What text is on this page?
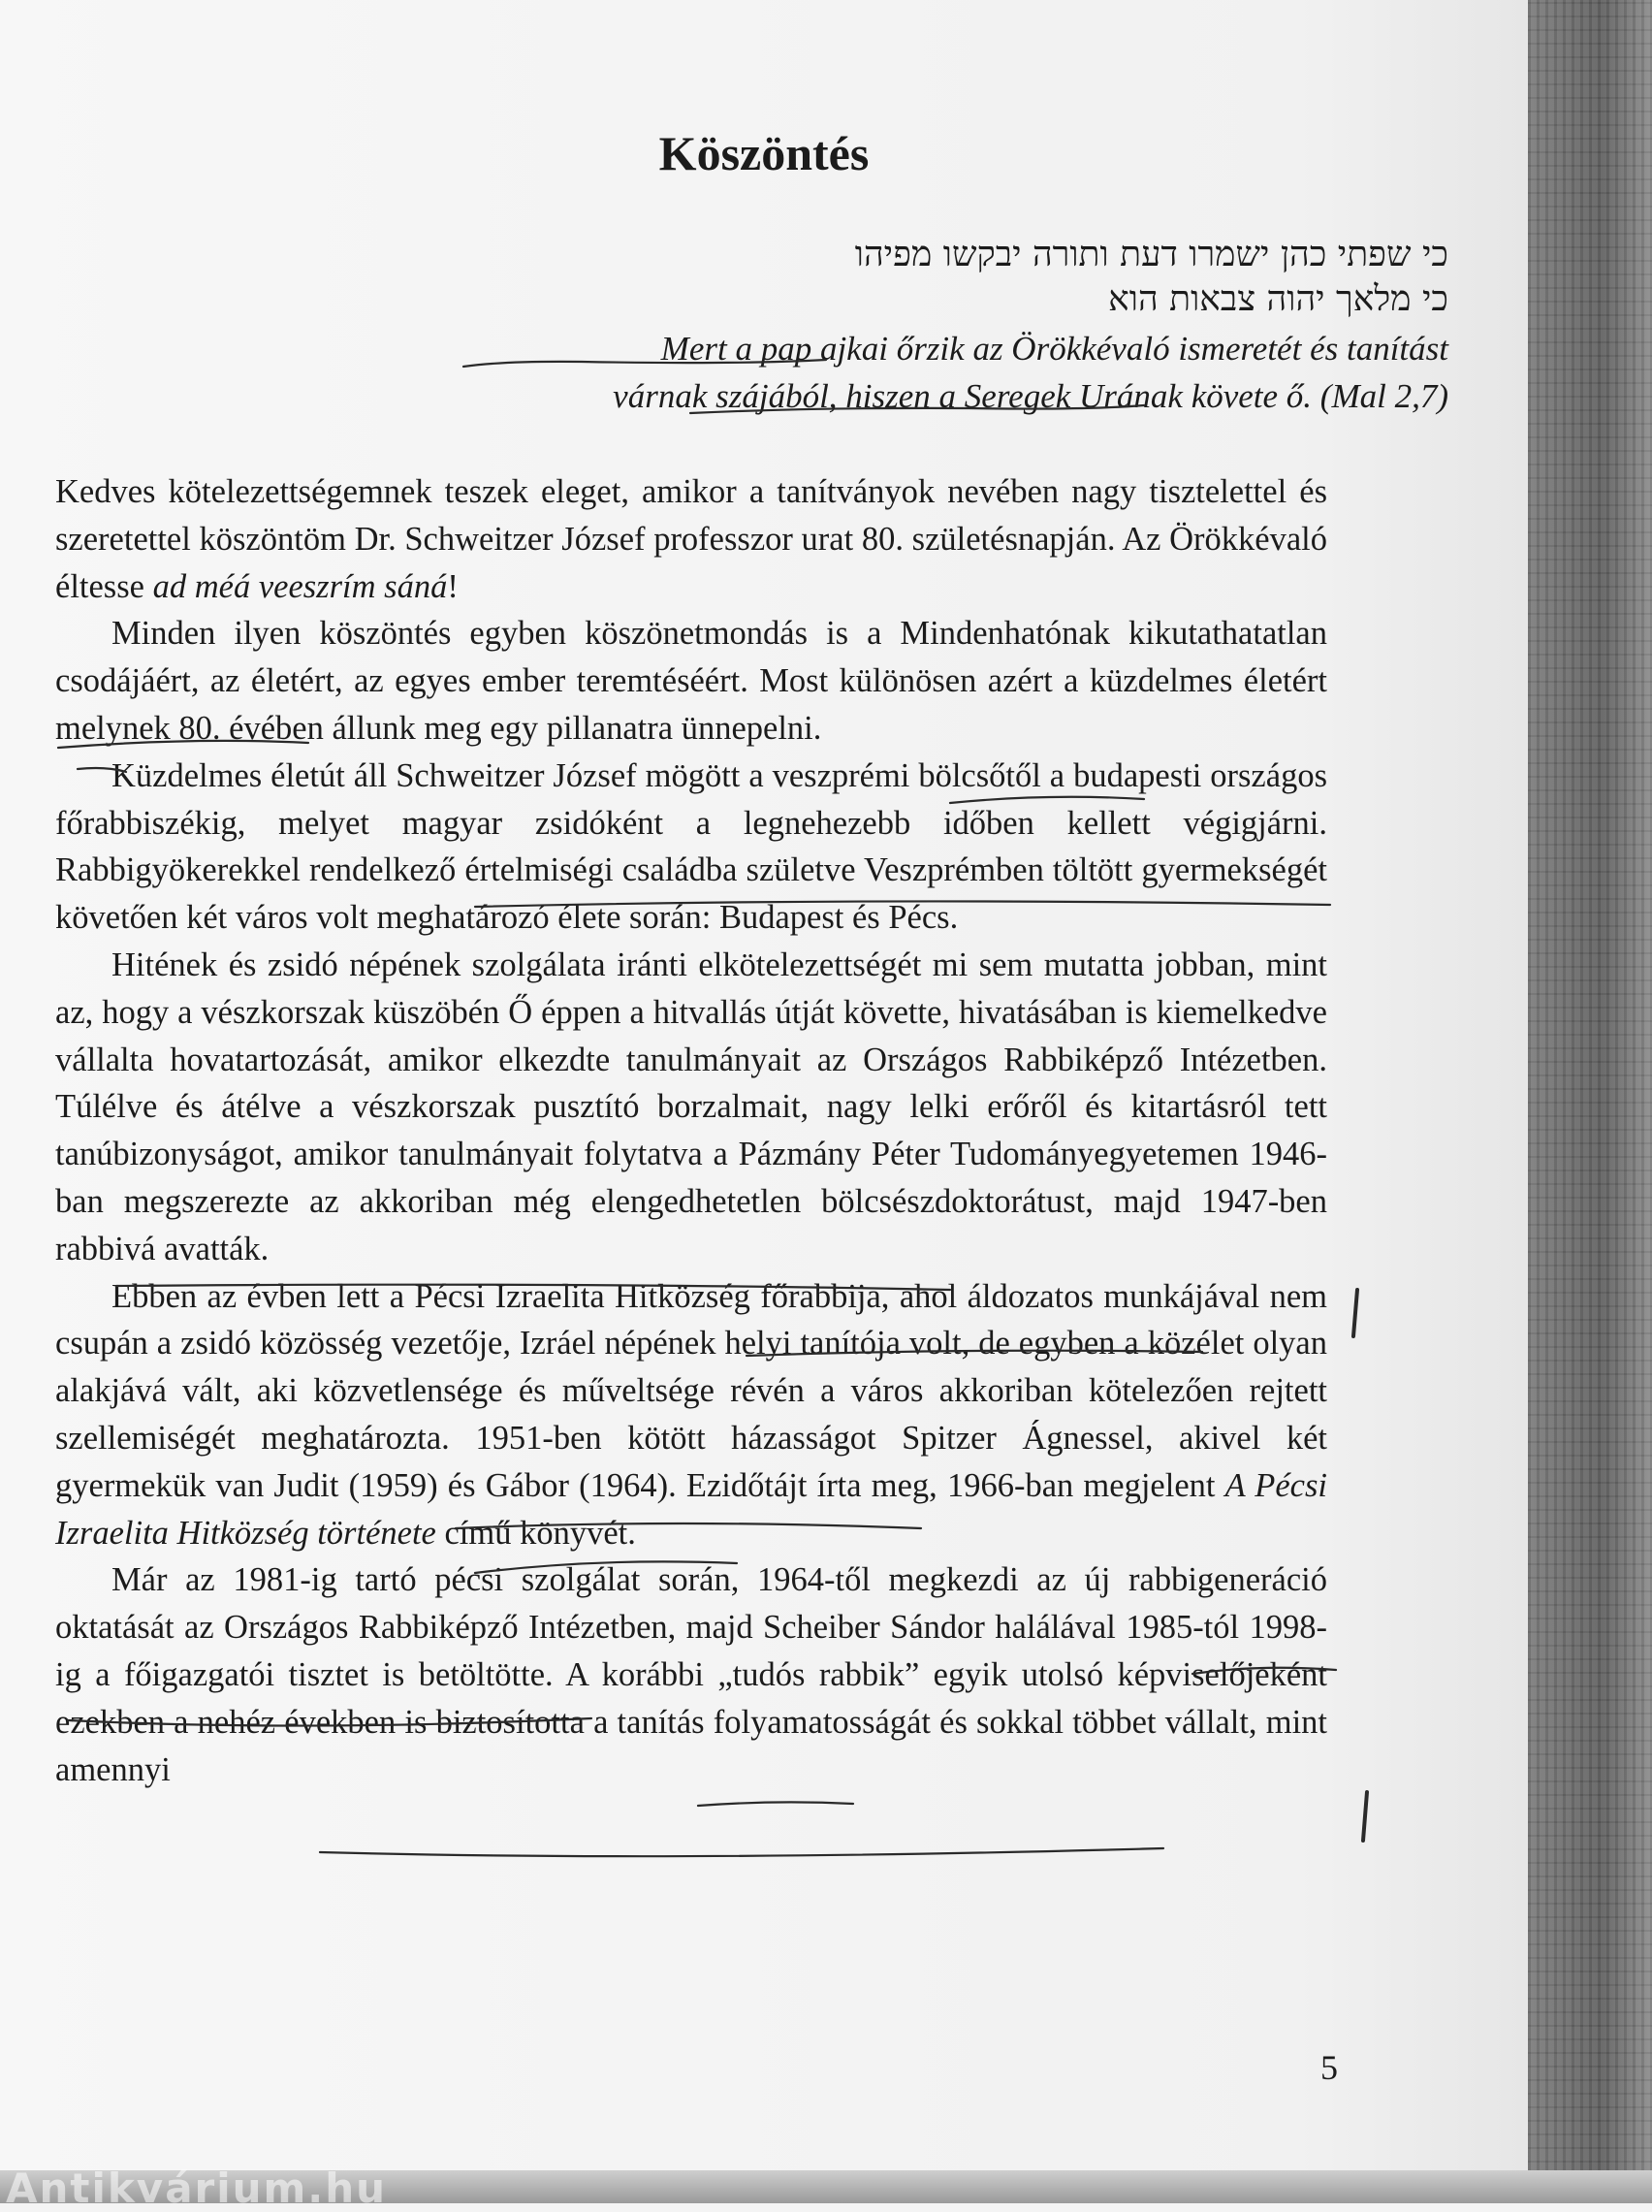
Köszöntés
כי שפתי כהן ישמרו דעת ותורה יבקשו מפיהו
כי מלאך יהוה צבאות הוא
Mert a pap ajkai őrzik az Örökkévaló ismeretét és tanítást
várnak szájából, hiszen a Seregek Urának követe ő. (Mal 2,7)

Kedves kötelezettségemnek teszek eleget, amikor a tanítványok nevében nagy tisztelettel és szeretettel köszöntöm Dr. Schweitzer József professzor urat 80. születésnapján. Az Örökkévaló éltesse ad méá veeszrím sáná!

Minden ilyen köszöntés egyben köszönetmondás is a Mindenhatónak kikutathatatlan csodájáért, az életért, az egyes ember teremtéséért. Most különösen azért a küzdelmes életért melynek 80. évében állunk meg egy pillanatra ünnepelni.

Küzdelmes életút áll Schweitzer József mögött a veszprémi bölcsőtől a budapesti országos főrabbiszékig, melyet magyar zsidóként a legnehezebb időben kellett végigjárni. Rabbigyökerekkel rendelkező értelmiségi családba születve Veszprémben töltött gyermekségét követően két város volt meghatározó élete során: Budapest és Pécs.

Hitének és zsidó népének szolgálata iránti elkötelezettségét mi sem mutatta jobban, mint az, hogy a vészkorszak küszöbén Ő éppen a hitvallás útját követte, hivatásában is kiemelkedve vállalta hovatartozását, amikor elkezdte tanulmányait az Országos Rabbiképző Intézetben. Túlélve és átélve a vészkorszak pusztító borzalmait, nagy lelki erőről és kitartásról tett tanúbizonyságot, amikor tanulmányait folytatva a Pázmány Péter Tudományegyetemen 1946-ban megszerezte az akkoriban még elengedhetetlen bölcsészdoktorátust, majd 1947-ben rabbivá avatták.

Ebben az évben lett a Pécsi Izraelita Hitközség főrabbija, ahol áldozatos munkájával nem csupán a zsidó közösség vezetője, Izráel népének helyi tanítója volt, de egyben a közélet olyan alakjává vált, aki közvetlensége és műveltsége révén a város akkoriban kötelezően rejtett szellemiségét meghatározta. 1951-ben kötött házasságot Spitzer Ágnessel, akivel két gyermekük van Judit (1959) és Gábor (1964). Ezidőtájt írta meg, 1966-ban megjelent A Pécsi Izraelita Hitközség története című könyvét.

Már az 1981-ig tartó pécsi szolgálat során, 1964-től megkezdi az új rabbigeneráció oktatását az Országos Rabbiképző Intézetben, majd Scheiber Sándor halálával 1985-tól 1998-ig a főigazgatói tisztet is betöltötte. A korábbi „tudós rabbik” egyik utolsó képviselőjeként ezekben a nehéz években is biztosította a tanítás folyamatosságát és sokkal többet vállalt, mint amennyi

5
Antikvárium.hu
